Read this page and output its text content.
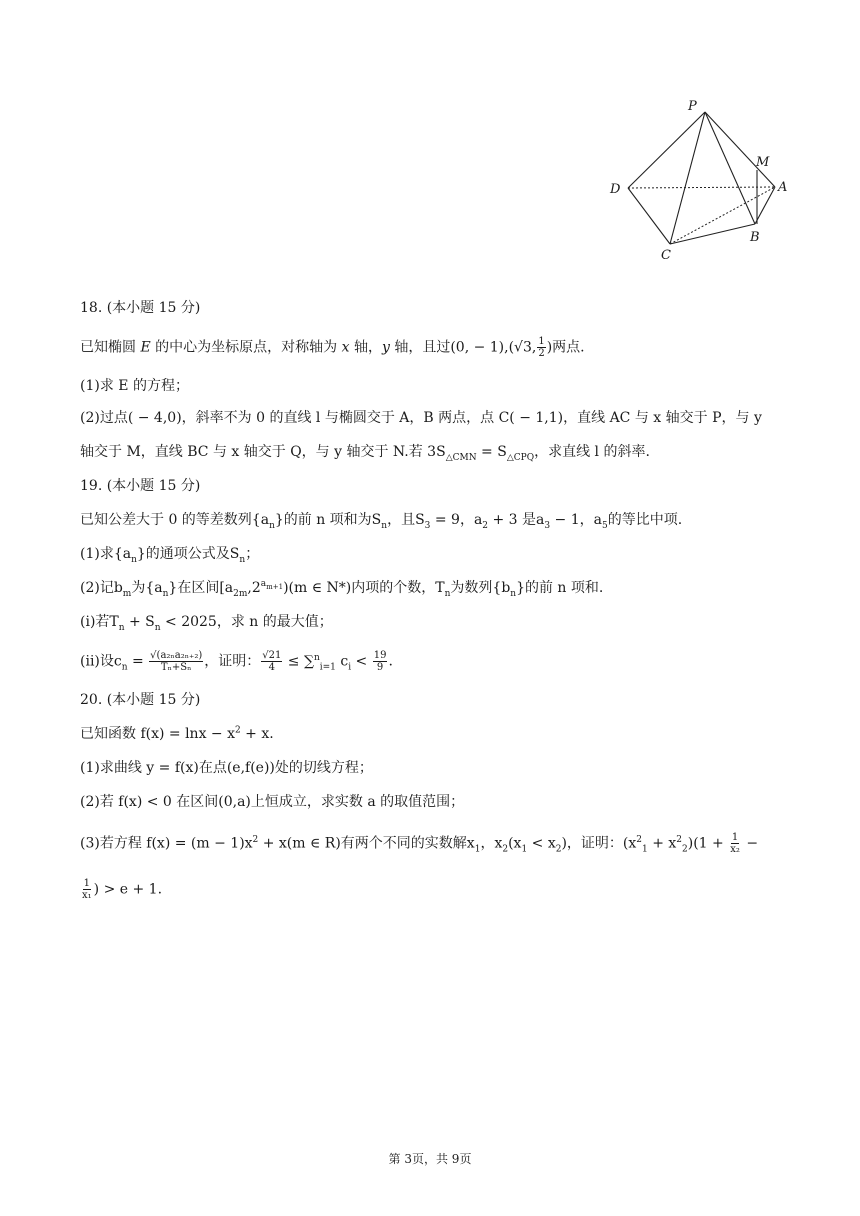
P
M
D	A
B
C
18. (本小题 15 分)
已知椭圆 E 的中心为坐标原点，对称轴为 x 轴，y 轴，且过(0, − 1),(√3, $\frac{1}{2}$ )两点.
(1)求 E 的方程；
(2)过点( − 4,0)，斜率不为 0 的直线 l 与椭圆交于 A，B 两点，点 C( − 1,1)，直线 AC 与 x 轴交于 P，与 y
轴交于 M，直线 BC 与 x 轴交于 Q，与 y 轴交于 N.若 $3S_{\triangle CMN} = S_{\triangle CPQ}$，求直线 l 的斜率.
19. (本小题 15 分)
已知公差大于 0 的等差数列$\{a_n\}$的前 n 项和为$S_n$，且$S_3 = 9$，$a_2 + 3$ 是$a_3 - 1$，$a_5$的等比中项.
(1)求$\{a_n\}$的通项公式及$S_n$；
(2)记$b_m$为$\{a_n\}$在区间$[a_{2m},2^{a_{m+1}})(m$ ∈ N*)内项的个数，$T_n$为数列$\{b_n\}$的前 n 项和.
(i)若$T_n + S_n < 2025$，求 n 的最大值；
(ii)设$c_n = \frac{\text{√(a₂ₙa₂ₙ₊₂)}}{\text{Tₙ+Sₙ}}$ ，证明： $\frac{√21}{4} \le \sum^n_{i=1}$ $c_i < \frac{19}{9}$ .
20. (本小题 15 分)
已知函数 $f(x) = \ln x - x^2 + x$.
(1)求曲线 y = f(x)在点(e,f(e))处的切线方程；
(2)若 f(x) < 0 在区间(0,a)上恒成立，求实数 a 的取值范围；
(3)若方程 $f(x) = (m - 1)x^2 + x(m$ ∈ R)有两个不同的实数解$x_1$，$x_2(x_1 < x_2)$，证明：$(x^2_1 + x^2_2)(1 + \frac{1}{\text{x₂}}$ −
$\frac{1}{\text{x₁}}$ ) > e + 1.
第 3页，共 9页
